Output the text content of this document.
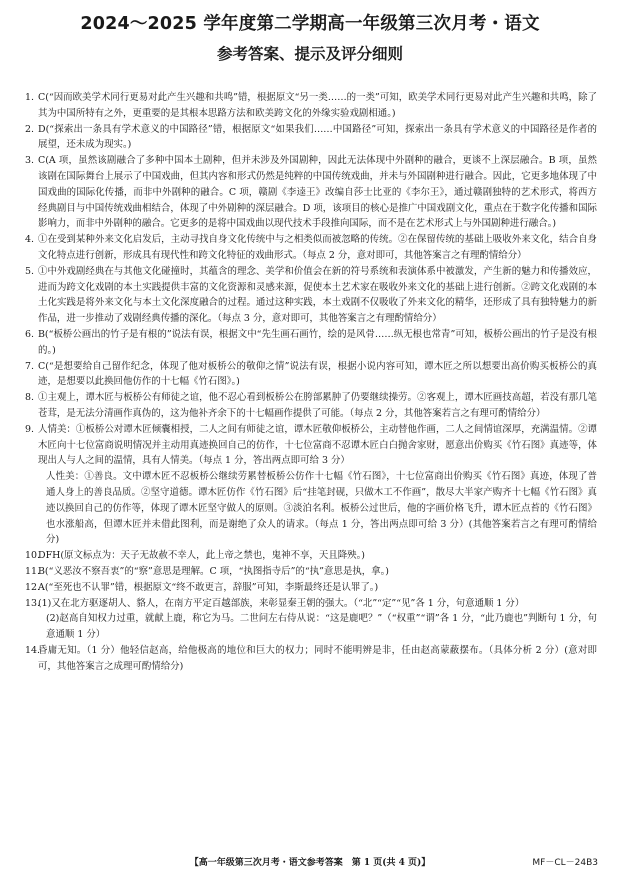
2024～2025 学年度第二学期高一年级第三次月考・语文
参考答案、提示及评分细则
1. C(“因而欧美学术同行更易对此产生兴趣和共鸣”错，根据原文“另一类……的一类”可知，欧美学术同行更易对此产生兴趣和共鸣，除了其为中国所特有之外，更重要的是其根本思路方法和欧美跨文化的外缘实验戏剧相通。)

2. D(“探索出一条具有学术意义的中国路径”错，根据原文“如果我们……中国路径”可知，探索出一条具有学术意义的中国路径是作者的展望，还未成为现实。)

3. C(A 项，虽然该剧融合了多种中国本土剧种，但并未涉及外国剧种，因此无法体现中外剧种的融合，更谈不上深层融合。B 项，虽然该剧在国际舞台上展示了中国戏曲，但其内容和形式仍然是纯粹的中国传统戏曲，并未与外国剧种进行融合。因此，它更多地体现了中国戏曲的国际化传播，而非中外剧种的融合。C 项，赣剧《李逵王》改编自莎士比亚的《李尔王》，通过赣剧独特的艺术形式，将西方经典剧目与中国传统戏曲相结合，体现了中外剧种的深层融合。D 项，该项目的核心是推广中国戏剧文化，重点在于数字化传播和国际影响力，而非中外剧种的融合。它更多的是将中国戏曲以现代技术手段推向国际，而不是在艺术形式上与外国剧种进行融合。)

4. ①在受到某种外来文化启发后，主动寻找自身文化传统中与之相类似而被忽略的传统。②在保留传统的基础上吸收外来文化，结合自身文化特点进行创新，形成具有现代性和跨文化特征的戏曲形式。（每点 2 分，意对即可，其他答案言之有理酌情给分）

5. ①中外戏剧经典在与其他文化碰撞时，其蕴含的理念、美学和价值会在新的符号系统和表演体系中被激发，产生新的魅力和传播效应，进而为跨文化戏剧的本土实践提供丰富的文化资源和灵感来源，促使本土艺术家在吸收外来文化的基础上进行创新。②跨文化戏剧的本土化实践是将外来文化与本土文化深度融合的过程。通过这种实践，本土戏剧不仅吸收了外来文化的精华，还形成了具有独特魅力的新作品，进一步推动了戏剧经典传播的深化。（每点 3 分，意对即可，其他答案言之有理酌情给分）

6. B(“板桥公画出的竹子是有根的”说法有误，根据文中“先生画石画竹，绘的是风骨……纵无根也常青”可知，板桥公画出的竹子是没有根的。)

7. C(“是想要给自己留作纪念，体现了他对板桥公的敬仰之情”说法有误，根据小说内容可知，谭木匠之所以想要出高价购买板桥公的真迹，是想要以此换回他仿作的十七幅《竹石图》。)

8. ①主观上，谭木匠与板桥公有师徒之谊，他不忍心看到板桥公在胯部累肿了仍要继续操劳。②客观上，谭木匠画技高超，若没有那几笔苍茸，是无法分清画作真伪的，这为他补齐余下的十七幅画作提供了可能。（每点 2 分，其他答案若言之有理可酌情给分）

9. 人情美：①板桥公对谭木匠倾囊相授，二人之间有师徒之谊，谭木匠敬仰板桥公，主动替他作画，二人之间情谊深厚，充满温情。②谭木匠向十七位富商说明情况并主动用真迹换回自己的仿作，十七位富商不忍谭木匠白白抛舍家财，愿意出价购买《竹石图》真迹等，体现出人与人之间的温情，具有人情美。（每点 1 分，答出两点即可给 3 分）

人性美：①善良。文中谭木匠不忍板桥公继续劳累替板桥公仿作十七幅《竹石图》，十七位富商出价购买《竹石图》真迹，体现了普通人身上的善良品质。②坚守道德。谭木匠仿作《竹石图》后“挂笔封砚，只做木工不作画”，散尽大半家产购齐十七幅《竹石图》真迹以换回自己的仿作等，体现了谭木匠坚守做人的原则。③淡泊名利。板桥公过世后，他的字画价格飞升，谭木匠点苔的《竹石图》也水涨船高，但谭木匠并未借此图利，而是谢绝了众人的请求。（每点 1 分，答出两点即可给 3 分）(其他答案若言之有理可酌情给分)

10.

DFH(原文标点为：天子无故赦不幸人，此上帝之禁也，鬼神不享，天且降殃。)

11.

B(“义恶汝不察吾衷”的“察”意思是理解。C 项，“执图指寺后”的“执”意思是执，拿。)

12.

A(“至死也不认罪”错，根据原文“终不敢更言，辞服”可知，李斯最终还是认罪了。)

13.

(1)又在北方驱逐胡人、貉人，在南方平定百越部族，来彰显秦王朝的强大。（“北”“定”“见”各 1 分，句意通顺 1 分）

(2)赵高自知权力过重，就献上鹿，称它为马。二世问左右侍从说：“这是鹿吧？”（“权重”“谓”各 1 分，“此乃鹿也”判断句 1 分，句意通顺 1 分）

14.

昏庸无知。（1 分）他轻信赵高，给他极高的地位和巨大的权力；同时不能明辨是非，任由赵高蒙蔽摆布。（具体分析 2 分）(意对即可，其他答案言之成理可酌情给分)

【高一年级第三次月考・语文参考答案　第 1 页(共 4 页)】	MF－CL－24B3
